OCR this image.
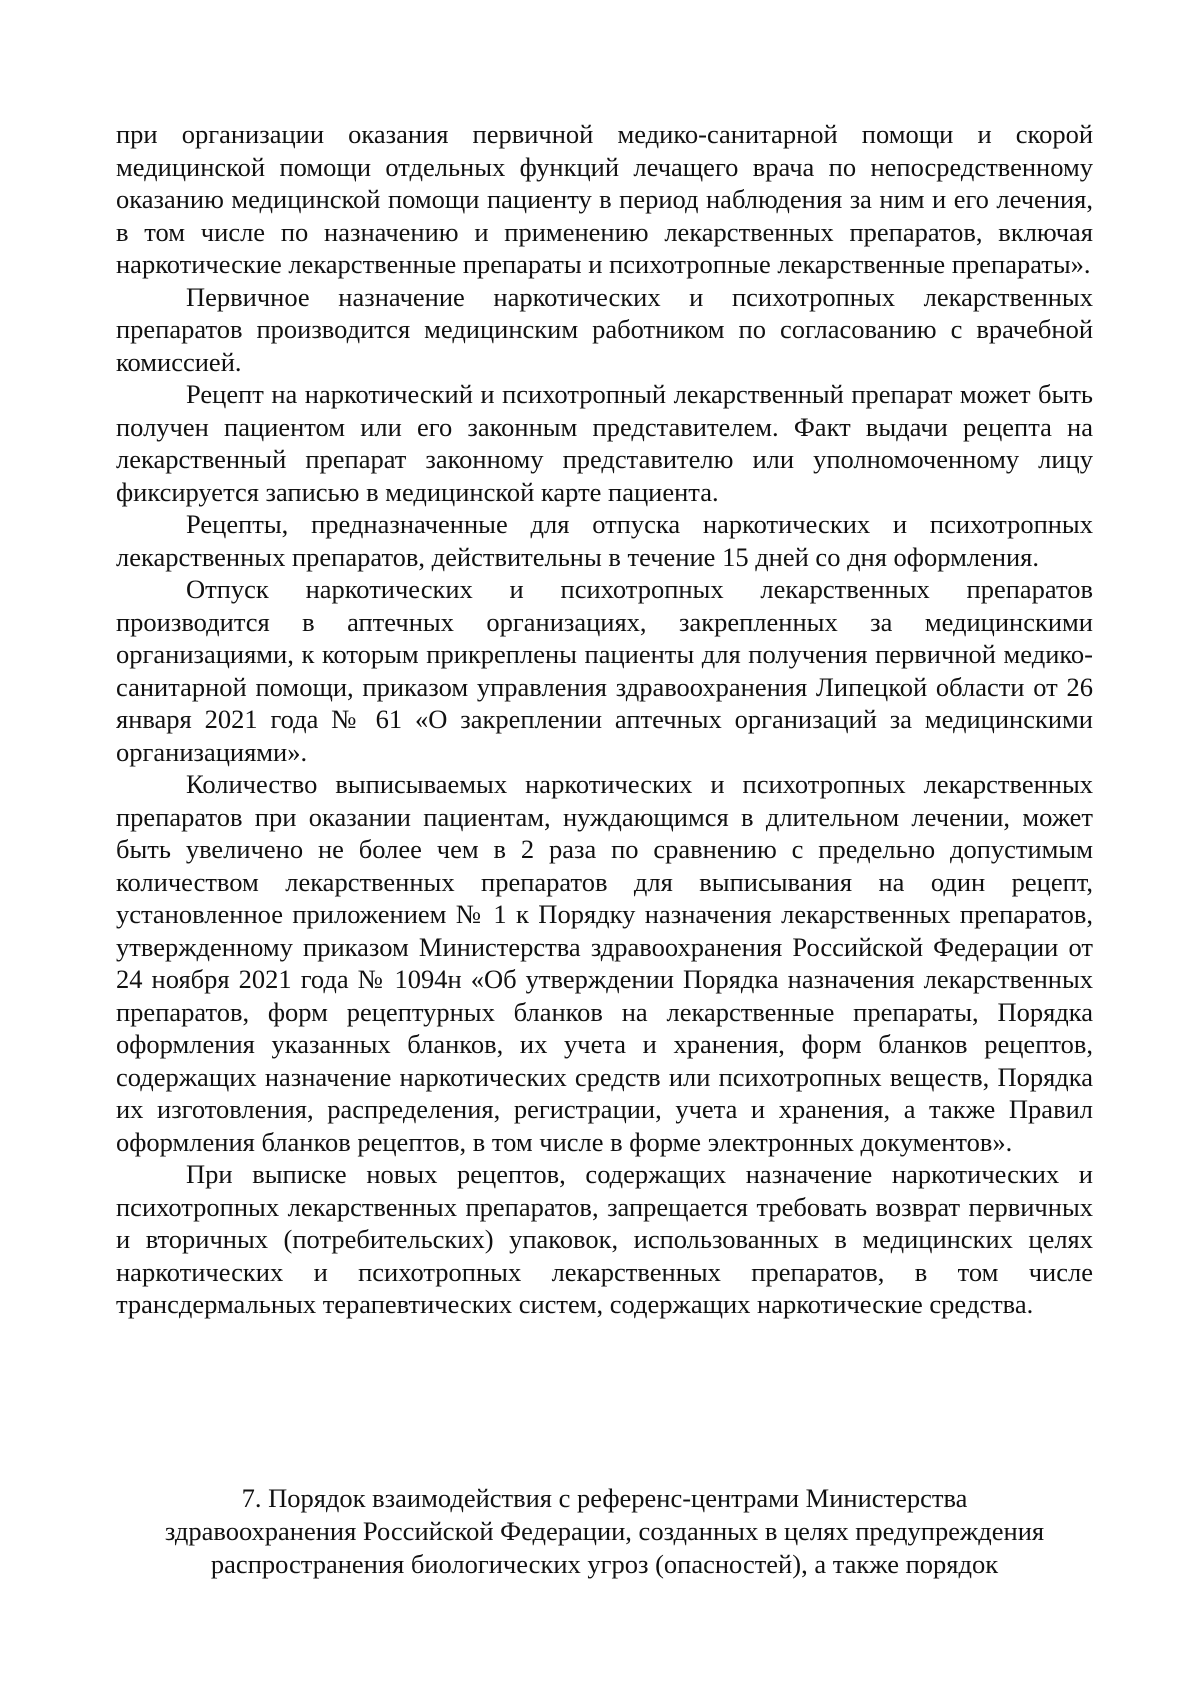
при организации оказания первичной медико-санитарной помощи и скорой медицинской помощи отдельных функций лечащего врача по непосредственному оказанию медицинской помощи пациенту в период наблюдения за ним и его лечения, в том числе по назначению и применению лекарственных препаратов, включая наркотические лекарственные препараты и психотропные лекарственные препараты».

Первичное назначение наркотических и психотропных лекарственных препаратов производится медицинским работником по согласованию с врачебной комиссией.

Рецепт на наркотический и психотропный лекарственный препарат может быть получен пациентом или его законным представителем. Факт выдачи рецепта на лекарственный препарат законному представителю или уполномоченному лицу фиксируется записью в медицинской карте пациента.

Рецепты, предназначенные для отпуска наркотических и психотропных лекарственных препаратов, действительны в течение 15 дней со дня оформления.

Отпуск наркотических и психотропных лекарственных препаратов производится в аптечных организациях, закрепленных за медицинскими организациями, к которым прикреплены пациенты для получения первичной медико-санитарной помощи, приказом управления здравоохранения Липецкой области от 26 января 2021 года № 61 «О закреплении аптечных организаций за медицинскими организациями».

Количество выписываемых наркотических и психотропных лекарственных препаратов при оказании пациентам, нуждающимся в длительном лечении, может быть увеличено не более чем в 2 раза по сравнению с предельно допустимым количеством лекарственных препаратов для выписывания на один рецепт, установленное приложением № 1 к Порядку назначения лекарственных препаратов, утвержденному приказом Министерства здравоохранения Российской Федерации от 24 ноября 2021 года № 1094н «Об утверждении Порядка назначения лекарственных препаратов, форм рецептурных бланков на лекарственные препараты, Порядка оформления указанных бланков, их учета и хранения, форм бланков рецептов, содержащих назначение наркотических средств или психотропных веществ, Порядка их изготовления, распределения, регистрации, учета и хранения, а также Правил оформления бланков рецептов, в том числе в форме электронных документов».

При выписке новых рецептов, содержащих назначение наркотических и психотропных лекарственных препаратов, запрещается требовать возврат первичных и вторичных (потребительских) упаковок, использованных в медицинских целях наркотических и психотропных лекарственных препаратов, в том числе трансдермальных терапевтических систем, содержащих наркотические средства.

7. Порядок взаимодействия с референс-центрами Министерства
здравоохранения Российской Федерации, созданных в целях предупреждения
распространения биологических угроз (опасностей), а также порядок
